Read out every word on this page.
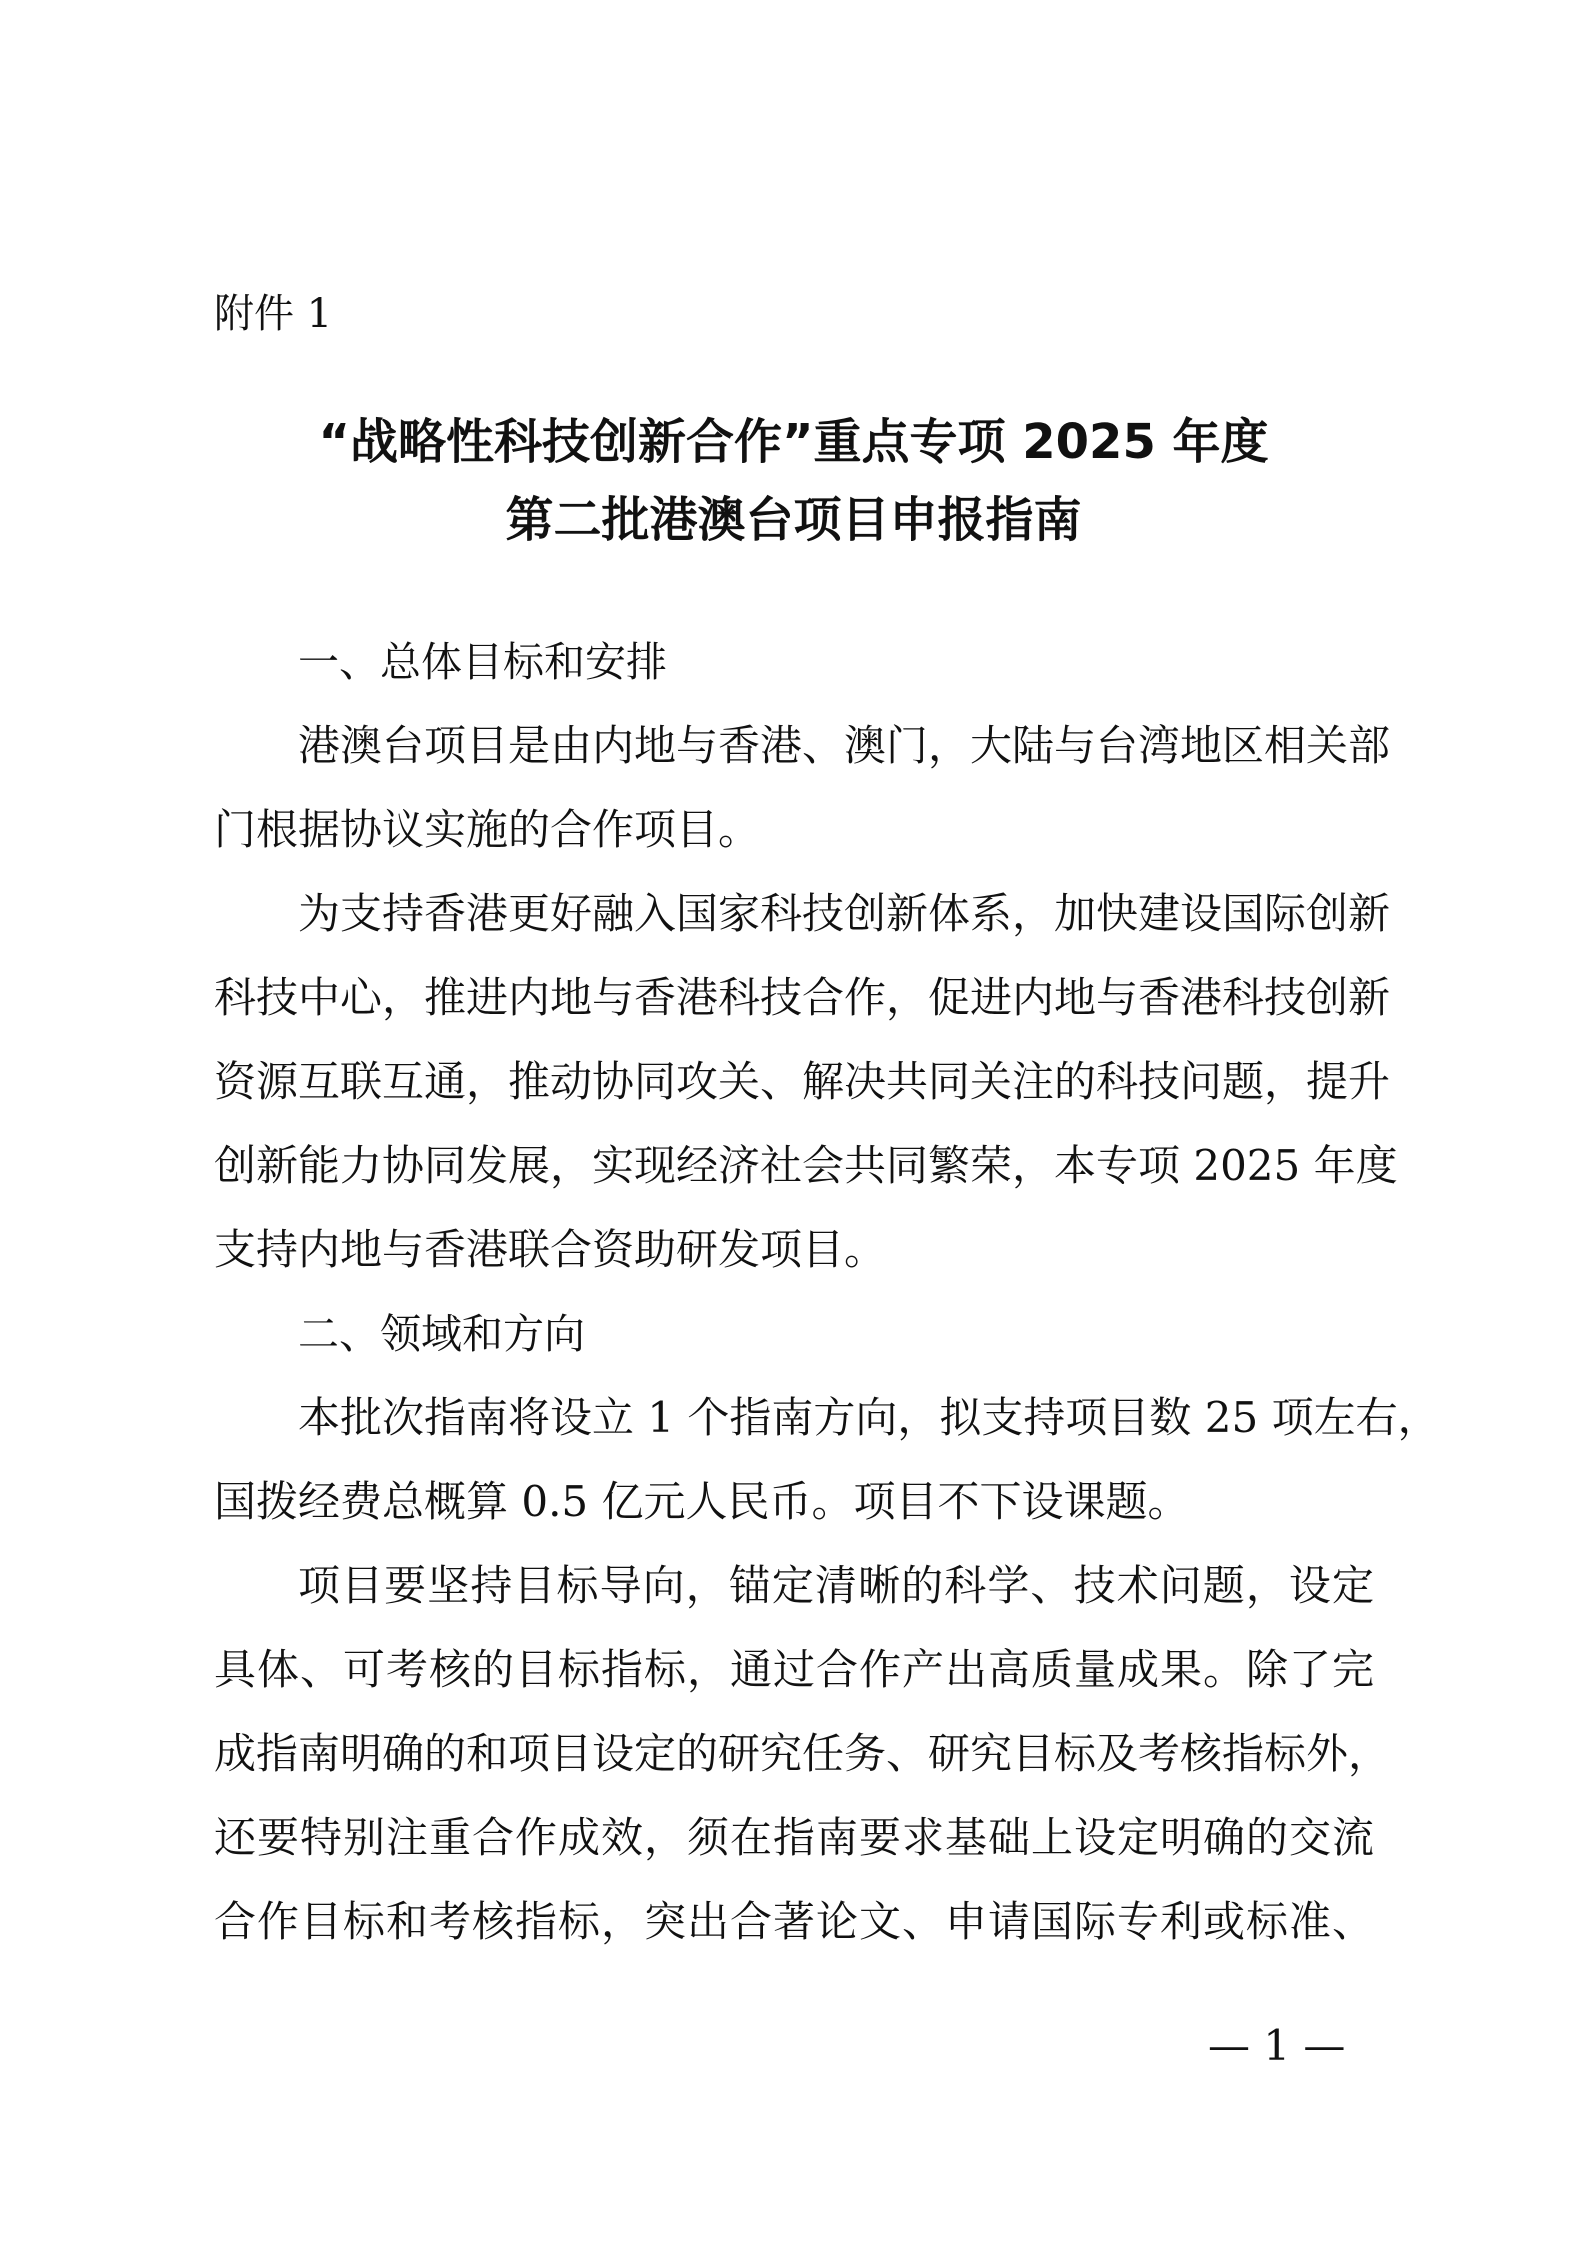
附件 1
“战略性科技创新合作”重点专项 2025 年度
第二批港澳台项目申报指南
一、总体目标和安排
港澳台项目是由内地与香港、澳门，大陆与台湾地区相关部
门根据协议实施的合作项目。
为支持香港更好融入国家科技创新体系，加快建设国际创新
科技中心，推进内地与香港科技合作，促进内地与香港科技创新
资源互联互通，推动协同攻关、解决共同关注的科技问题，提升
创新能力协同发展，实现经济社会共同繁荣，本专项 2025 年度
支持内地与香港联合资助研发项目。
二、领域和方向
本批次指南将设立 1 个指南方向，拟支持项目数 25 项左右，
国拨经费总概算 0.5 亿元人民币。项目不下设课题。
项目要坚持目标导向，锚定清晰的科学、技术问题，设定
具体、可考核的目标指标，通过合作产出高质量成果。除了完
成指南明确的和项目设定的研究任务、研究目标及考核指标外，
还要特别注重合作成效，须在指南要求基础上设定明确的交流
合作目标和考核指标，突出合著论文、申请国际专利或标准、
— 1 —
